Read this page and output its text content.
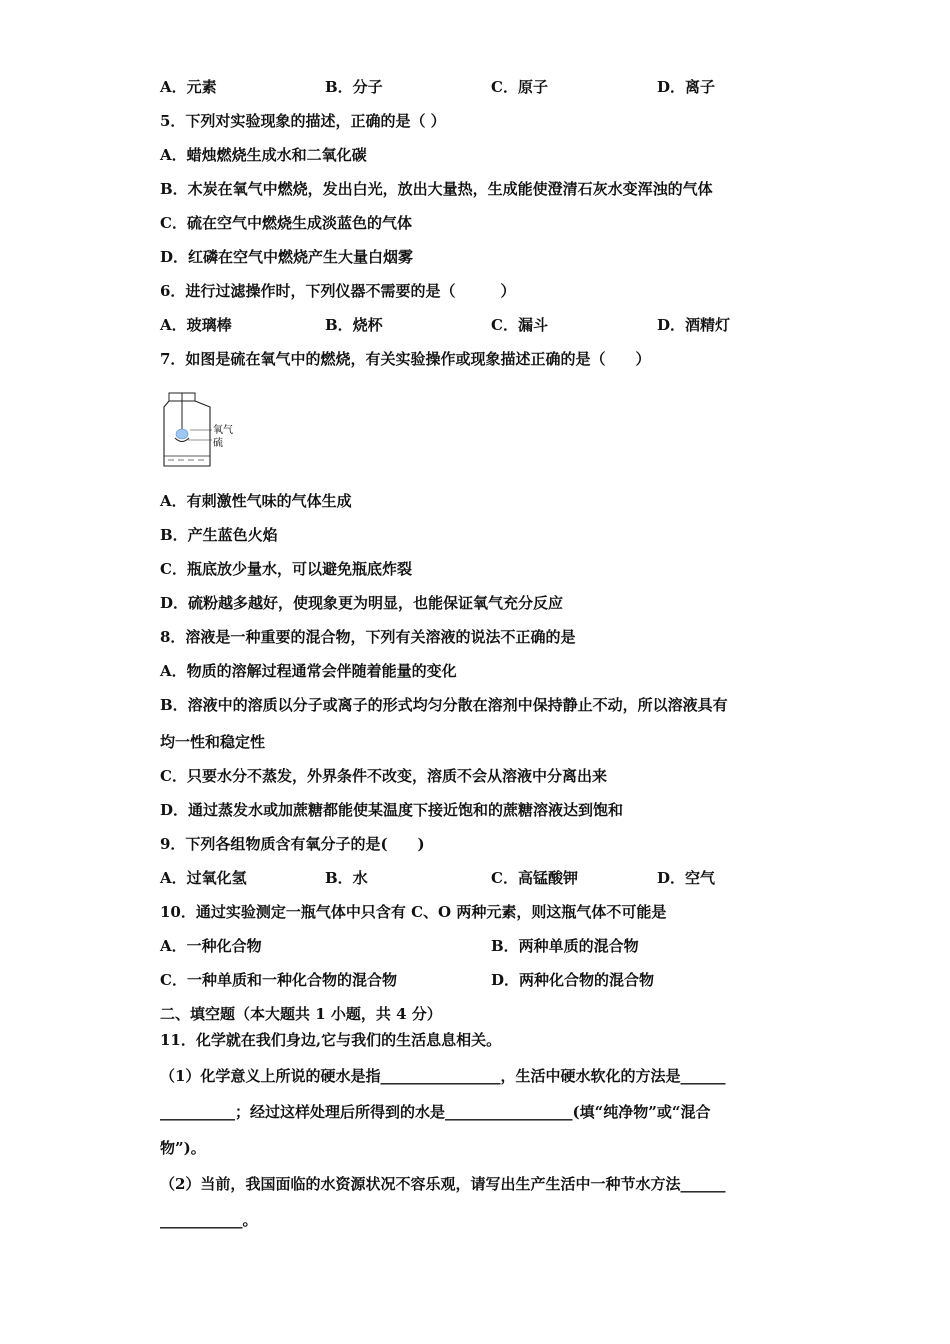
A．元素	B．分子	C．原子	D．离子
5．下列对实验现象的描述，正确的是（ ）
A．蜡烛燃烧生成水和二氧化碳
B．木炭在氧气中燃烧，发出白光，放出大量热，生成能使澄清石灰水变浑浊的气体
C．硫在空气中燃烧生成淡蓝色的气体
D．红磷在空气中燃烧产生大量白烟雾
6．进行过滤操作时，下列仪器不需要的是（　　　）
A．玻璃棒	B．烧杯	C．漏斗	D．酒精灯
7．如图是硫在氧气中的燃烧，有关实验操作或现象描述正确的是（　　）
氧气
硫
A．有刺激性气味的气体生成
B．产生蓝色火焰
C．瓶底放少量水，可以避免瓶底炸裂
D．硫粉越多越好，使现象更为明显，也能保证氧气充分反应
8．溶液是一种重要的混合物，下列有关溶液的说法不正确的是
A．物质的溶解过程通常会伴随着能量的变化
B．溶液中的溶质以分子或离子的形式均匀分散在溶剂中保持静止不动，所以溶液具有
均一性和稳定性
C．只要水分不蒸发，外界条件不改变，溶质不会从溶液中分离出来
D．通过蒸发水或加蔗糖都能使某温度下接近饱和的蔗糖溶液达到饱和
9．下列各组物质含有氧分子的是(　　)
A．过氧化氢	B．水	C．高锰酸钾	D．空气
10．通过实验测定一瓶气体中只含有 C、O 两种元素，则这瓶气体不可能是
A．一种化合物	B．两种单质的混合物
C．一种单质和一种化合物的混合物	D．两种化合物的混合物
二、填空题（本大题共 1 小题，共 4 分）
11．化学就在我们身边,它与我们的生活息息相关。
（1）化学意义上所说的硬水是指________________，生活中硬水软化的方法是______
__________；经过这样处理后所得到的水是_________________(填“纯净物”或“混合
物”)。
（2）当前，我国面临的水资源状况不容乐观，请写出生产生活中一种节水方法______
___________。
